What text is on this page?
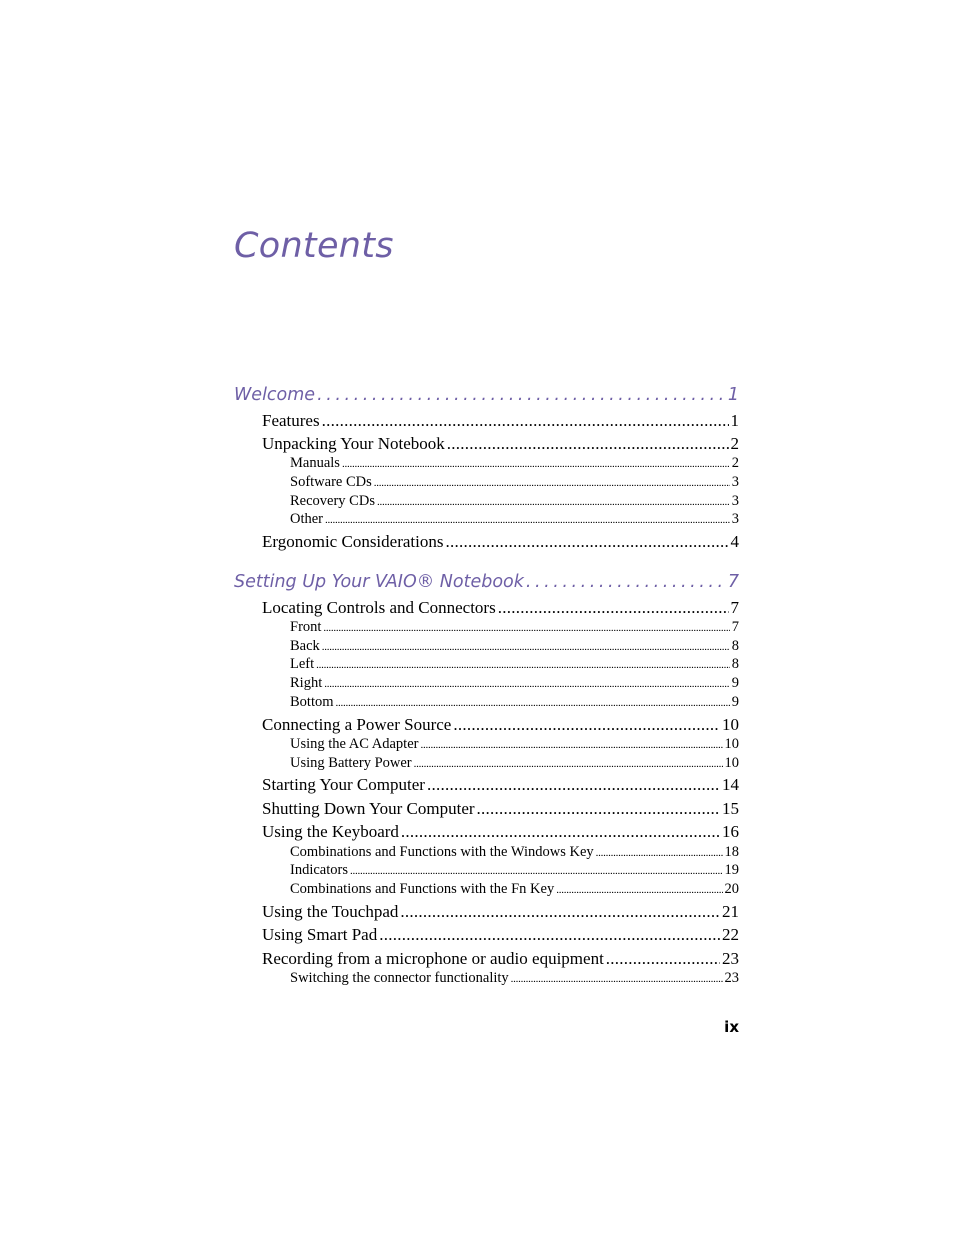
Contents
Welcome . . .	1
Features . . .	1
Unpacking Your Notebook . . .	2
Manuals . . .	2
Software CDs . . .	3
Recovery CDs . . .	3
Other . . .	3
Ergonomic Considerations . . .	4
Setting Up Your VAIO® Notebook . . .	7
Locating Controls and Connectors . . .	7
Front . . .	7
Back . . .	8
Left . . .	8
Right . . .	9
Bottom . . .	9
Connecting a Power Source . . .	10
Using the AC Adapter . . .	10
Using Battery Power . . .	10
Starting Your Computer . . .	14
Shutting Down Your Computer . . .	15
Using the Keyboard . . .	16
Combinations and Functions with the Windows Key . . .	18
Indicators . . .	19
Combinations and Functions with the Fn Key . . .	20
Using the Touchpad . . .	21
Using Smart Pad . . .	22
Recording from a microphone or audio equipment . . .	23
Switching the connector functionality . . .	23
ix
